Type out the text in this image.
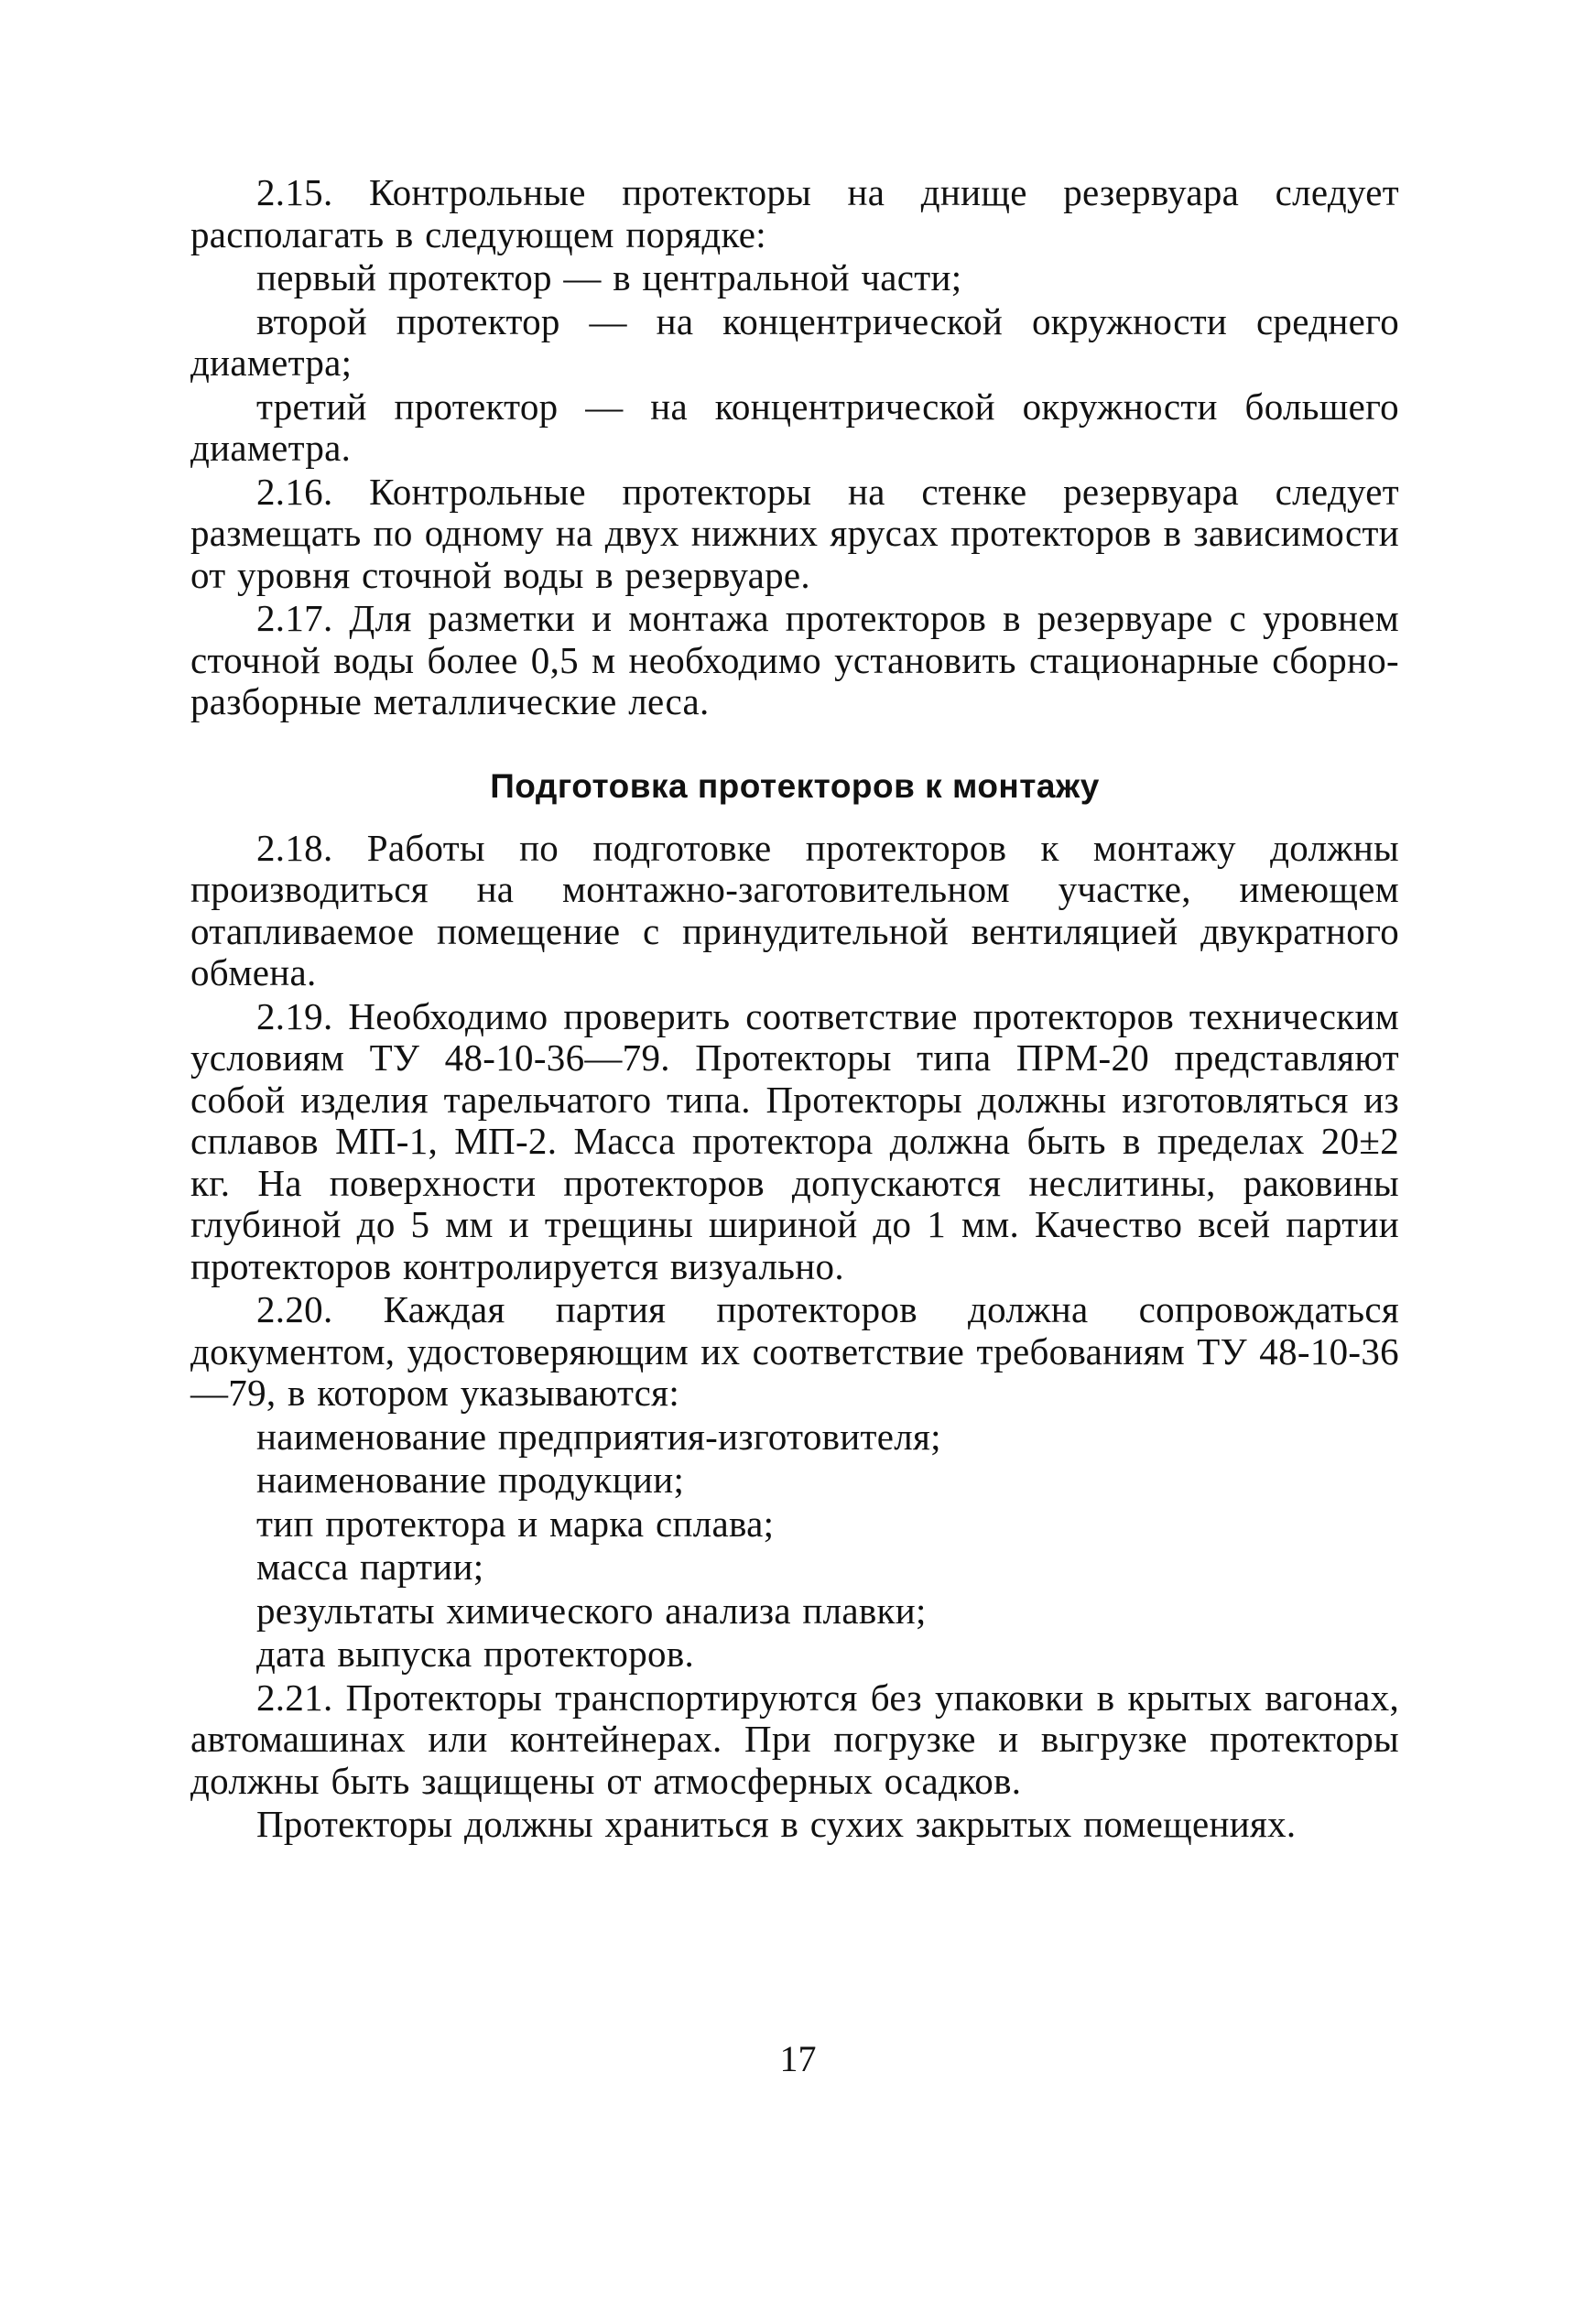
2.15. Контрольные протекторы на днище резервуара следует располагать в следующем порядке:

первый протектор — в центральной части;

второй протектор — на концентрической окружности среднего диаметра;

третий протектор — на концентрической окружности большего диаметра.

2.16. Контрольные протекторы на стенке резервуара следует размещать по одному на двух нижних ярусах протекторов в зависимости от уровня сточной воды в резервуаре.

2.17. Для разметки и монтажа протекторов в резервуаре с уровнем сточной воды более 0,5 м необходимо установить стационарные сборно-разборные металлические леса.

Подготовка протекторов к монтажу

2.18. Работы по подготовке протекторов к монтажу должны производиться на монтажно-заготовительном участке, имеющем отапливаемое помещение с принудительной вентиляцией двукратного обмена.

2.19. Необходимо проверить соответствие протекторов техническим условиям ТУ 48-10-36—79. Протекторы типа ПРМ-20 представляют собой изделия тарельчатого типа. Протекторы должны изготовляться из сплавов МП-1, МП-2. Масса протектора должна быть в пределах 20±2 кг. На поверхности протекторов допускаются неслитины, раковины глубиной до 5 мм и трещины шириной до 1 мм. Качество всей партии протекторов контролируется визуально.

2.20. Каждая партия протекторов должна сопровождаться документом, удостоверяющим их соответствие требованиям ТУ 48-10-36—79, в котором указываются:

наименование предприятия-изготовителя;

наименование продукции;

тип протектора и марка сплава;

масса партии;

результаты химического анализа плавки;

дата выпуска протекторов.

2.21. Протекторы транспортируются без упаковки в крытых вагонах, автомашинах или контейнерах. При погрузке и выгрузке протекторы должны быть защищены от атмосферных осадков.

Протекторы должны храниться в сухих закрытых помещениях.

17
